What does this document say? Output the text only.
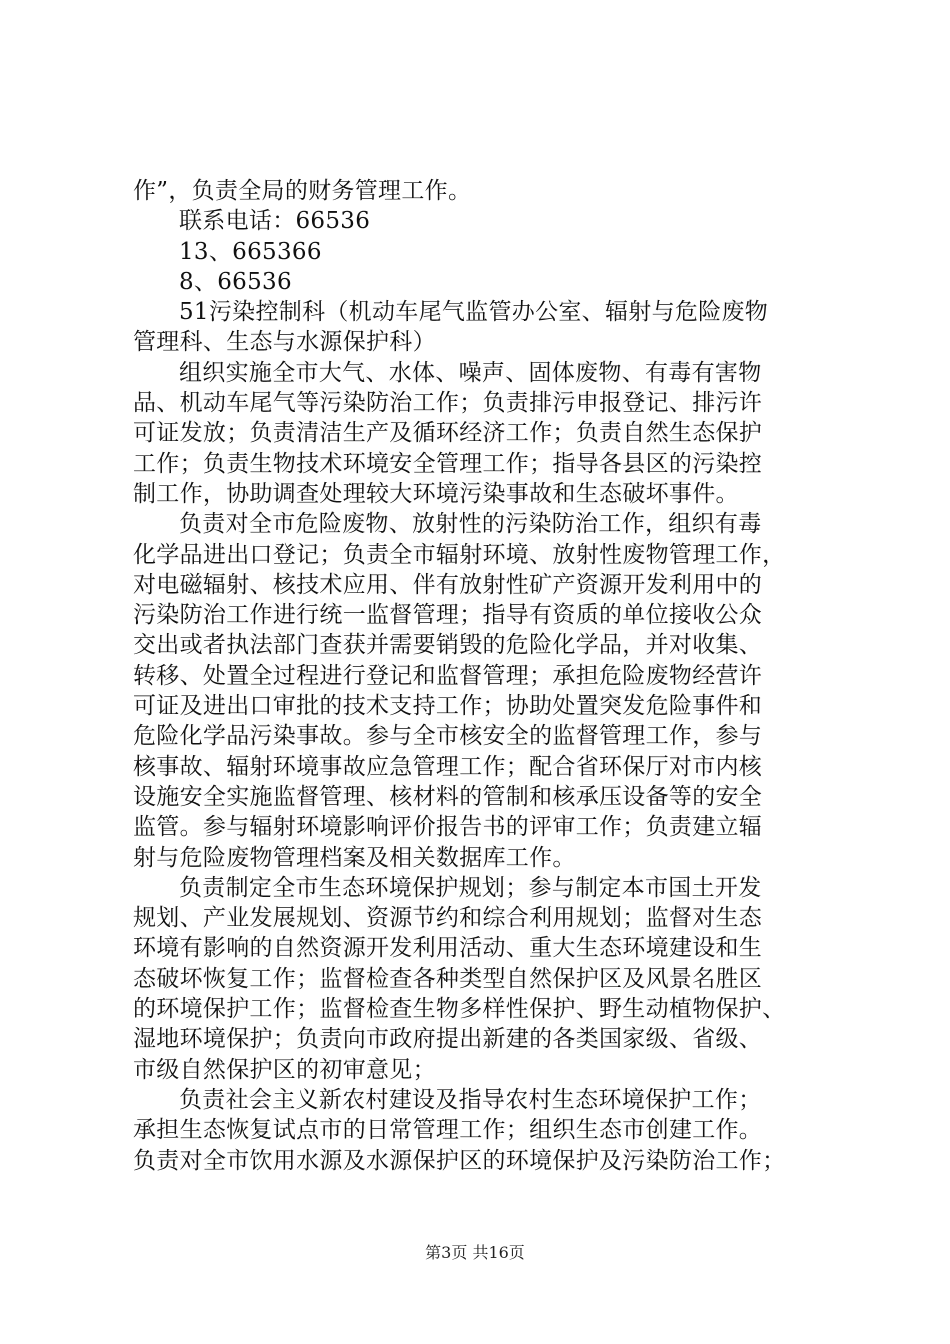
作”，负责全局的财务管理工作。
联系电话：66536
13、665366
8、66536
51污染控制科（机动车尾气监管办公室、辐射与危险废物
管理科、生态与水源保护科）
组织实施全市大气、水体、噪声、固体废物、有毒有害物
品、机动车尾气等污染防治工作；负责排污申报登记、排污许
可证发放；负责清洁生产及循环经济工作；负责自然生态保护
工作；负责生物技术环境安全管理工作；指导各县区的污染控
制工作，协助调查处理较大环境污染事故和生态破坏事件。
负责对全市危险废物、放射性的污染防治工作，组织有毒
化学品进出口登记；负责全市辐射环境、放射性废物管理工作，
对电磁辐射、核技术应用、伴有放射性矿产资源开发利用中的
污染防治工作进行统一监督管理；指导有资质的单位接收公众
交出或者执法部门查获并需要销毁的危险化学品，并对收集、
转移、处置全过程进行登记和监督管理；承担危险废物经营许
可证及进出口审批的技术支持工作；协助处置突发危险事件和
危险化学品污染事故。参与全市核安全的监督管理工作，参与
核事故、辐射环境事故应急管理工作；配合省环保厅对市内核
设施安全实施监督管理、核材料的管制和核承压设备等的安全
监管。参与辐射环境影响评价报告书的评审工作；负责建立辐
射与危险废物管理档案及相关数据库工作。
负责制定全市生态环境保护规划；参与制定本市国土开发
规划、产业发展规划、资源节约和综合利用规划；监督对生态
环境有影响的自然资源开发利用活动、重大生态环境建设和生
态破坏恢复工作；监督检查各种类型自然保护区及风景名胜区
的环境保护工作；监督检查生物多样性保护、野生动植物保护、
湿地环境保护；负责向市政府提出新建的各类国家级、省级、
市级自然保护区的初审意见；
负责社会主义新农村建设及指导农村生态环境保护工作；
承担生态恢复试点市的日常管理工作；组织生态市创建工作。
负责对全市饮用水源及水源保护区的环境保护及污染防治工作；
第3页 共16页
